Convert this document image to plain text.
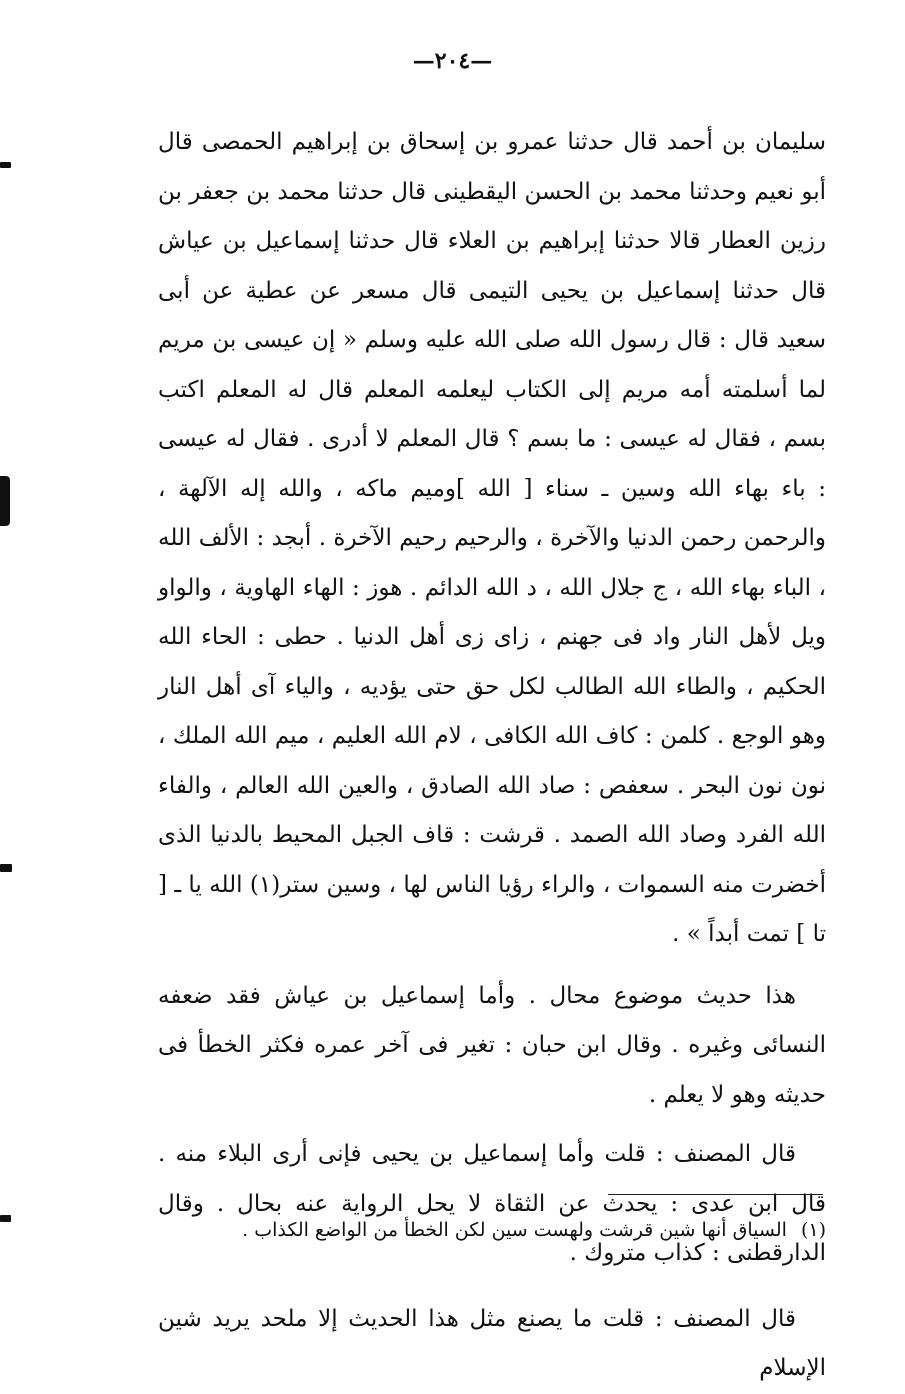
—٢٠٤—

سليمان بن أحمد قال حدثنا عمرو بن إسحاق بن إبراهيم الحمصى قال أبو نعيم وحدثنا محمد بن الحسن اليقطينى قال حدثنا محمد بن جعفر بن رزين العطار قالا حدثنا إبراهيم بن العلاء قال حدثنا إسماعيل بن عياش قال حدثنا إسماعيل بن يحيى التيمى قال مسعر عن عطية عن أبى سعيد قال : قال رسول الله صلى الله عليه وسلم « إن عيسى بن مريم لما أسلمته أمه مريم إلى الكتاب ليعلمه المعلم قال له المعلم اكتب بسم ، فقال له عيسى : ما بسم ؟ قال المعلم لا أدرى . فقال له عيسى : باء بهاء الله وسين ـ سناء [ الله ]وميم ماكه ، والله إله الآلهة ، والرحمن رحمن الدنيا والآخرة ، والرحيم رحيم الآخرة . أبجد : الألف الله ، الباء بهاء الله ، ج جلال الله ، د الله الدائم . هوز : الهاء الهاوية ، والواو ويل لأهل النار واد فى جهنم ، زاى زى أهل الدنيا . حطى : الحاء الله الحكيم ، والطاء الله الطالب لكل حق حتى يؤديه ، والياء آى أهل النار وهو الوجع . كلمن : كاف الله الكافى ، لام الله العليم ، ميم الله الملك ، نون نون البحر . سعفص : صاد الله الصادق ، والعين الله العالم ، والفاء الله الفرد وصاد الله الصمد . قرشت : قاف الجبل المحيط بالدنيا الذى أخضرت منه السموات ، والراء رؤيا الناس لها ، وسين ستر(١) الله يا ـ [ تا ] تمت أبداً » .

هذا حديث موضوع محال . وأما إسماعيل بن عياش فقد ضعفه النسائى وغيره . وقال ابن حبان : تغير فى آخر عمره فكثر الخطأ فى حديثه وهو لا يعلم .

قال المصنف : قلت وأما إسماعيل بن يحيى فإنى أرى البلاء منه . قال ابن عدى : يحدث عن الثقاة لا يحل الرواية عنه بحال . وقال الدارقطنى : كذاب متروك .

قال المصنف : قلت ما يصنع مثل هذا الحديث إلا ملحد يريد شين الإسلام

(١) السياق أنها شين قرشت ولهست سين لكن الخطأ من الواضع الكذاب .
